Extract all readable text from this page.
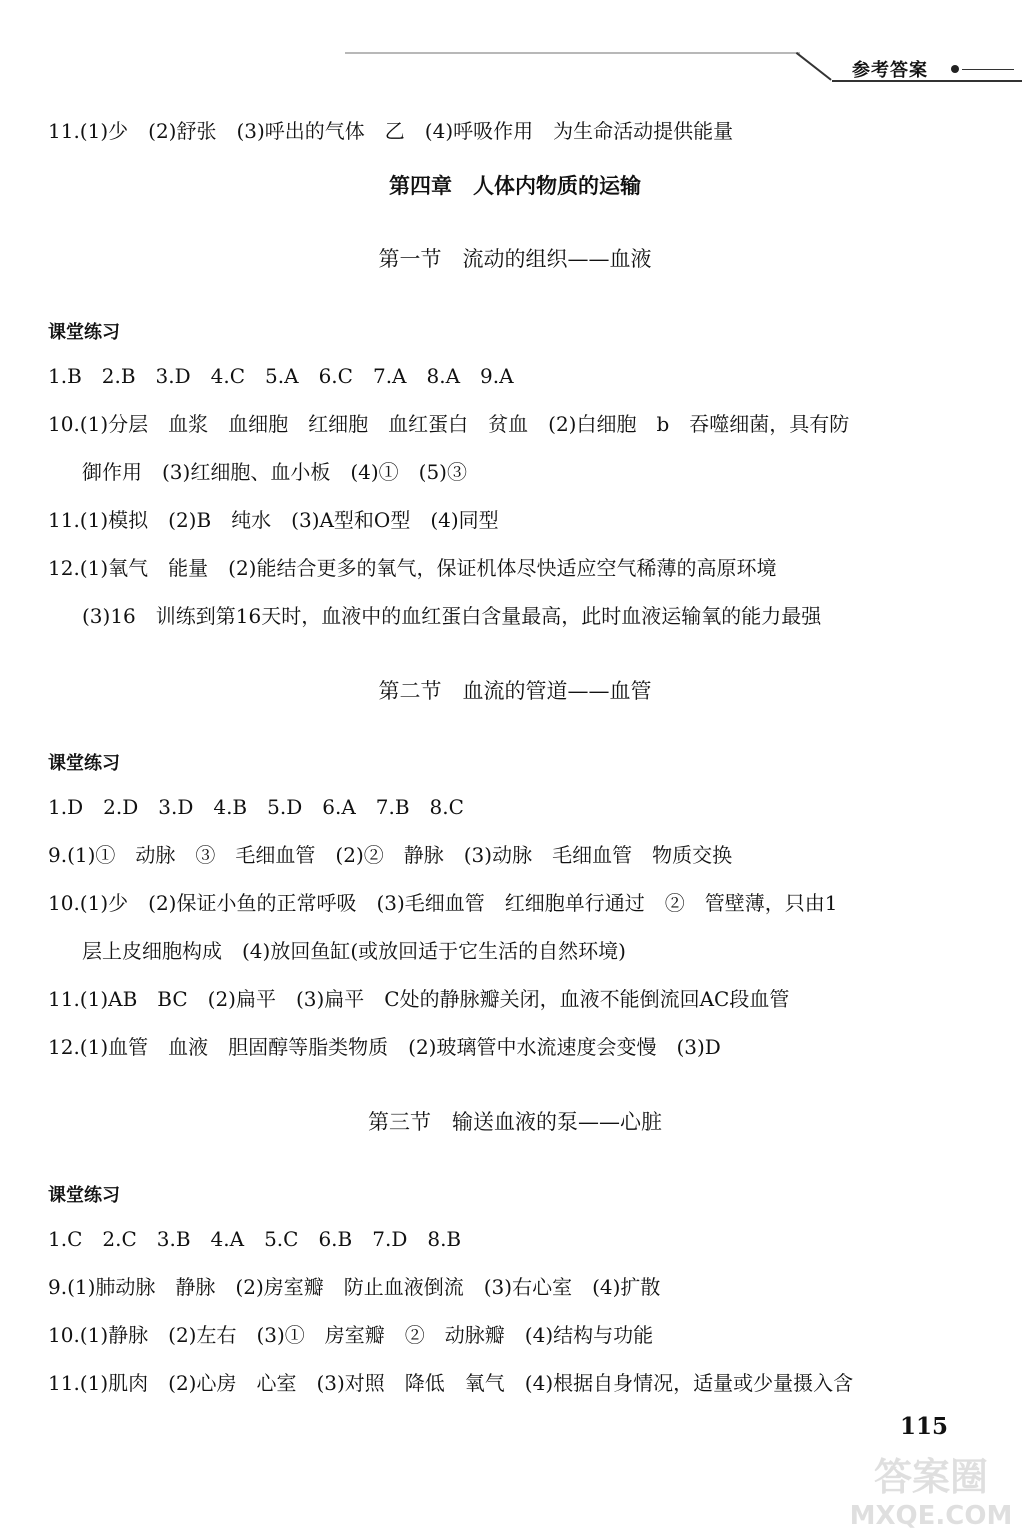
参考答案
11.(1)少　(2)舒张　(3)呼出的气体　乙　(4)呼吸作用　为生命活动提供能量
第四章　人体内物质的运输
第一节　流动的组织——血液
课堂练习
1.B　2.B　3.D　4.C　5.A　6.C　7.A　8.A　9.A
10.(1)分层　血浆　血细胞　红细胞　血红蛋白　贫血　(2)白细胞　b　吞噬细菌，具有防
御作用　(3)红细胞、血小板　(4)①　(5)③
11.(1)模拟　(2)B　纯水　(3)A型和O型　(4)同型
12.(1)氧气　能量　(2)能结合更多的氧气，保证机体尽快适应空气稀薄的高原环境
(3)16　训练到第16天时，血液中的血红蛋白含量最高，此时血液运输氧的能力最强
第二节　血流的管道——血管
课堂练习
1.D　2.D　3.D　4.B　5.D　6.A　7.B　8.C
9.(1)①　动脉　③　毛细血管　(2)②　静脉　(3)动脉　毛细血管　物质交换
10.(1)少　(2)保证小鱼的正常呼吸　(3)毛细血管　红细胞单行通过　②　管壁薄，只由1
层上皮细胞构成　(4)放回鱼缸(或放回适于它生活的自然环境)
11.(1)AB　BC　(2)扁平　(3)扁平　C处的静脉瓣关闭，血液不能倒流回AC段血管
12.(1)血管　血液　胆固醇等脂类物质　(2)玻璃管中水流速度会变慢　(3)D
第三节　输送血液的泵——心脏
课堂练习
1.C　2.C　3.B　4.A　5.C　6.B　7.D　8.B
9.(1)肺动脉　静脉　(2)房室瓣　防止血液倒流　(3)右心室　(4)扩散
10.(1)静脉　(2)左右　(3)①　房室瓣　②　动脉瓣　(4)结构与功能
11.(1)肌肉　(2)心房　心室　(3)对照　降低　氧气　(4)根据自身情况，适量或少量摄入含
115
答案圈
MXQE.COM
